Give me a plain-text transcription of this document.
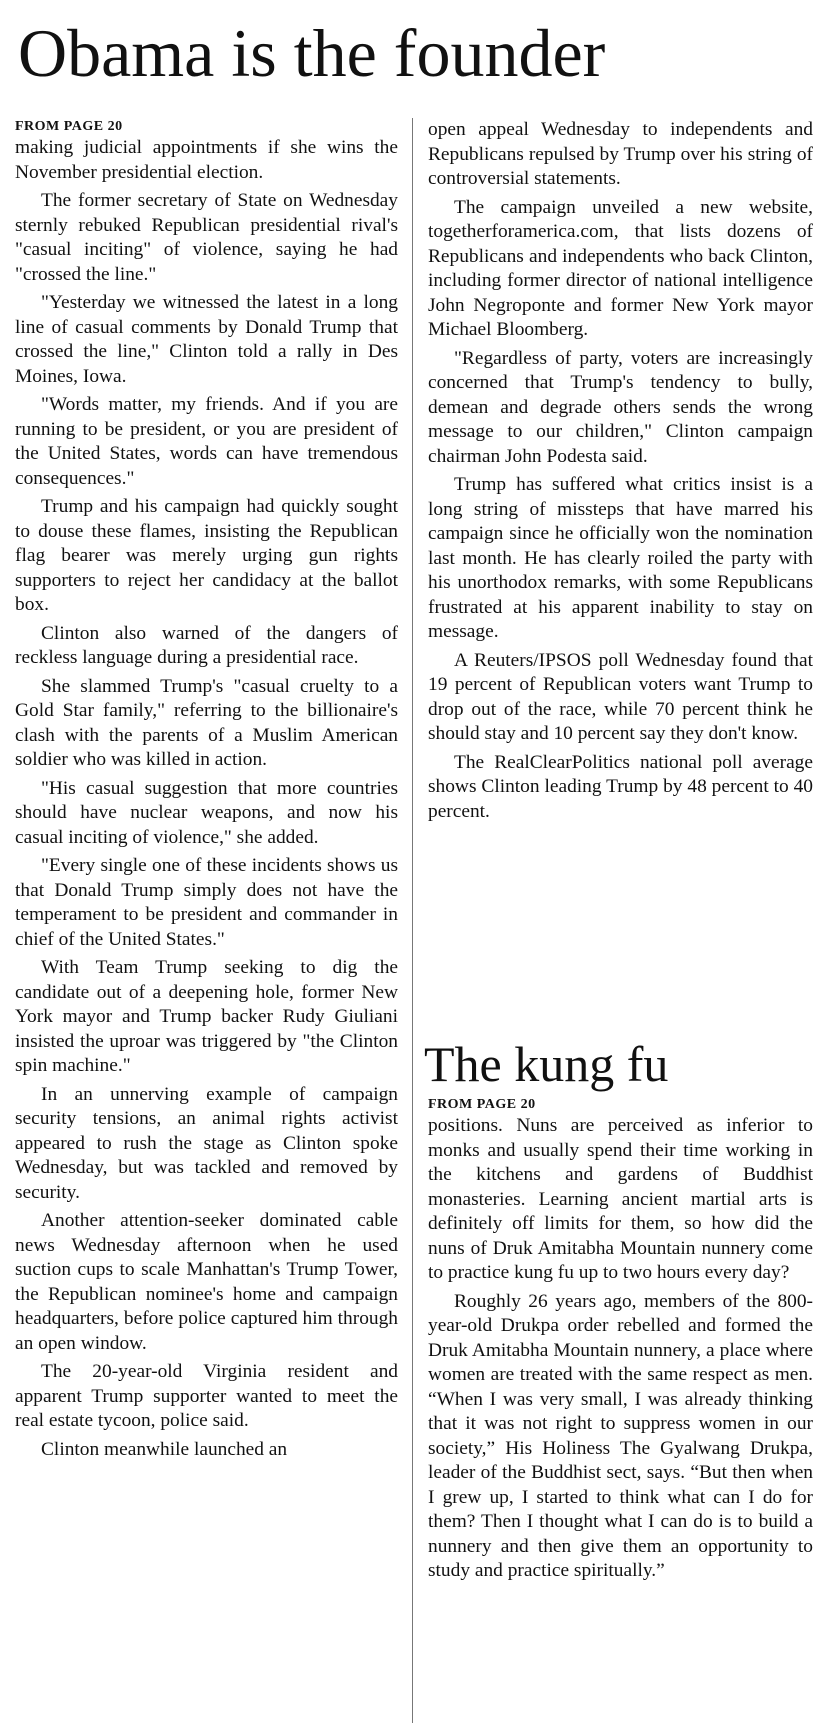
Obama is the founder
FROM PAGE 20

making judicial appointments if she wins the November presidential election.

The former secretary of State on Wednesday sternly rebuked Republican presidential rival's "casual inciting" of violence, saying he had "crossed the line."

"Yesterday we witnessed the latest in a long line of casual comments by Donald Trump that crossed the line," Clinton told a rally in Des Moines, Iowa.

"Words matter, my friends. And if you are running to be president, or you are president of the United States, words can have tremendous consequences."

Trump and his campaign had quickly sought to douse these flames, insisting the Republican flag bearer was merely urging gun rights supporters to reject her candidacy at the ballot box.

Clinton also warned of the dangers of reckless language during a presidential race.

She slammed Trump's "casual cruelty to a Gold Star family," referring to the billionaire's clash with the parents of a Muslim American soldier who was killed in action.

"His casual suggestion that more countries should have nuclear weapons, and now his casual inciting of violence," she added.

"Every single one of these incidents shows us that Donald Trump simply does not have the temperament to be president and commander in chief of the United States."

With Team Trump seeking to dig the candidate out of a deepening hole, former New York mayor and Trump backer Rudy Giuliani insisted the uproar was triggered by "the Clinton spin machine."

In an unnerving example of campaign security tensions, an animal rights activist appeared to rush the stage as Clinton spoke Wednesday, but was tackled and removed by security.

Another attention-seeker dominated cable news Wednesday afternoon when he used suction cups to scale Manhattan's Trump Tower, the Republican nominee's home and campaign headquarters, before police captured him through an open window.

The 20-year-old Virginia resident and apparent Trump supporter wanted to meet the real estate tycoon, police said.

Clinton meanwhile launched an

open appeal Wednesday to independents and Republicans repulsed by Trump over his string of controversial statements.

The campaign unveiled a new website, togetherforamerica.com, that lists dozens of Republicans and independents who back Clinton, including former director of national intelligence John Negroponte and former New York mayor Michael Bloomberg.

"Regardless of party, voters are increasingly concerned that Trump's tendency to bully, demean and degrade others sends the wrong message to our children," Clinton campaign chairman John Podesta said.

Trump has suffered what critics insist is a long string of missteps that have marred his campaign since he officially won the nomination last month. He has clearly roiled the party with his unorthodox remarks, with some Republicans frustrated at his apparent inability to stay on message.

A Reuters/IPSOS poll Wednesday found that 19 percent of Republican voters want Trump to drop out of the race, while 70 percent think he should stay and 10 percent say they don't know.

The RealClearPolitics national poll average shows Clinton leading Trump by 48 percent to 40 percent.

The kung fu
FROM PAGE 20

positions. Nuns are perceived as inferior to monks and usually spend their time working in the kitchens and gardens of Buddhist monasteries. Learning ancient martial arts is definitely off limits for them, so how did the nuns of Druk Amitabha Mountain nunnery come to practice kung fu up to two hours every day?

Roughly 26 years ago, members of the 800-year-old Drukpa order rebelled and formed the Druk Amitabha Mountain nunnery, a place where women are treated with the same respect as men. “When I was very small, I was already thinking that it was not right to suppress women in our society,” His Holiness The Gyalwang Drukpa, leader of the Buddhist sect, says. “But then when I grew up, I started to think what can I do for them? Then I thought what I can do is to build a nunnery and then give them an opportunity to study and practice spiritually.”
